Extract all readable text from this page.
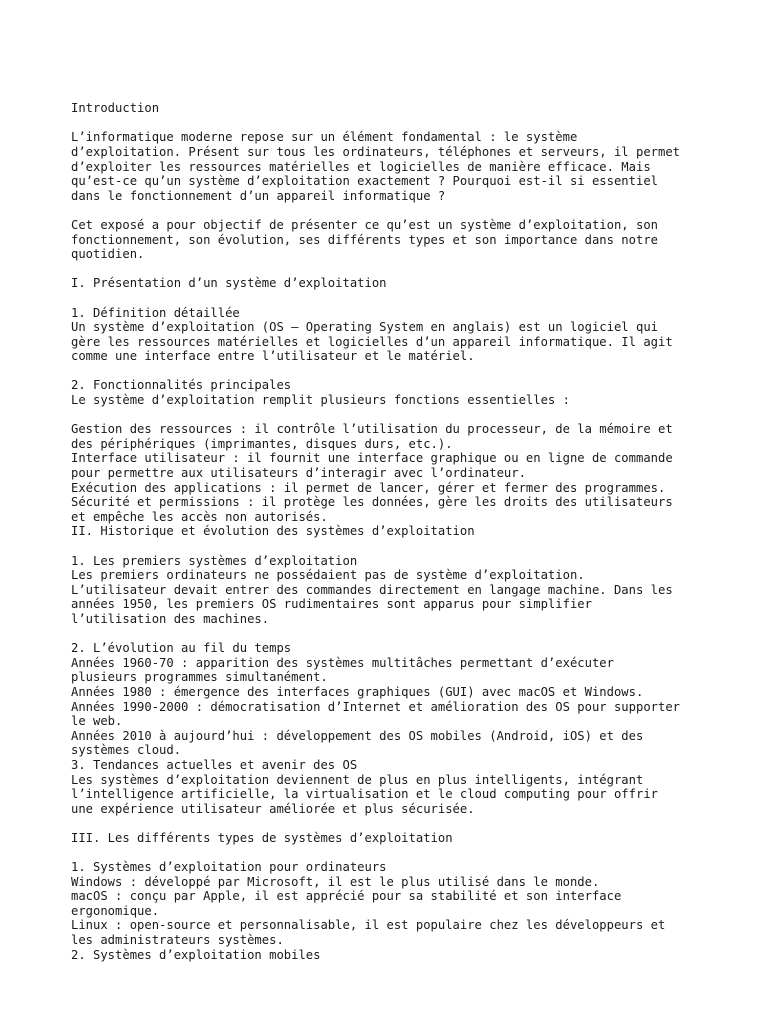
Introduction
L’informatique moderne repose sur un élément fondamental : le système
d’exploitation. Présent sur tous les ordinateurs, téléphones et serveurs, il permet
d’exploiter les ressources matérielles et logicielles de manière efficace. Mais
qu’est-ce qu’un système d’exploitation exactement ? Pourquoi est-il si essentiel
dans le fonctionnement d’un appareil informatique ?
Cet exposé a pour objectif de présenter ce qu’est un système d’exploitation, son
fonctionnement, son évolution, ses différents types et son importance dans notre
quotidien.
I. Présentation d’un système d’exploitation
1. Définition détaillée
Un système d’exploitation (OS – Operating System en anglais) est un logiciel qui
gère les ressources matérielles et logicielles d’un appareil informatique. Il agit
comme une interface entre l’utilisateur et le matériel.
2. Fonctionnalités principales
Le système d’exploitation remplit plusieurs fonctions essentielles :
Gestion des ressources : il contrôle l’utilisation du processeur, de la mémoire et
des périphériques (imprimantes, disques durs, etc.).
Interface utilisateur : il fournit une interface graphique ou en ligne de commande
pour permettre aux utilisateurs d’interagir avec l’ordinateur.
Exécution des applications : il permet de lancer, gérer et fermer des programmes.
Sécurité et permissions : il protège les données, gère les droits des utilisateurs
et empêche les accès non autorisés.
II. Historique et évolution des systèmes d’exploitation
1. Les premiers systèmes d’exploitation
Les premiers ordinateurs ne possédaient pas de système d’exploitation.
L’utilisateur devait entrer des commandes directement en langage machine. Dans les
années 1950, les premiers OS rudimentaires sont apparus pour simplifier
l’utilisation des machines.
2. L’évolution au fil du temps
Années 1960-70 : apparition des systèmes multitâches permettant d’exécuter
plusieurs programmes simultanément.
Années 1980 : émergence des interfaces graphiques (GUI) avec macOS et Windows.
Années 1990-2000 : démocratisation d’Internet et amélioration des OS pour supporter
le web.
Années 2010 à aujourd’hui : développement des OS mobiles (Android, iOS) et des
systèmes cloud.
3. Tendances actuelles et avenir des OS
Les systèmes d’exploitation deviennent de plus en plus intelligents, intégrant
l’intelligence artificielle, la virtualisation et le cloud computing pour offrir
une expérience utilisateur améliorée et plus sécurisée.
III. Les différents types de systèmes d’exploitation
1. Systèmes d’exploitation pour ordinateurs
Windows : développé par Microsoft, il est le plus utilisé dans le monde.
macOS : conçu par Apple, il est apprécié pour sa stabilité et son interface
ergonomique.
Linux : open-source et personnalisable, il est populaire chez les développeurs et
les administrateurs systèmes.
2. Systèmes d’exploitation mobiles
